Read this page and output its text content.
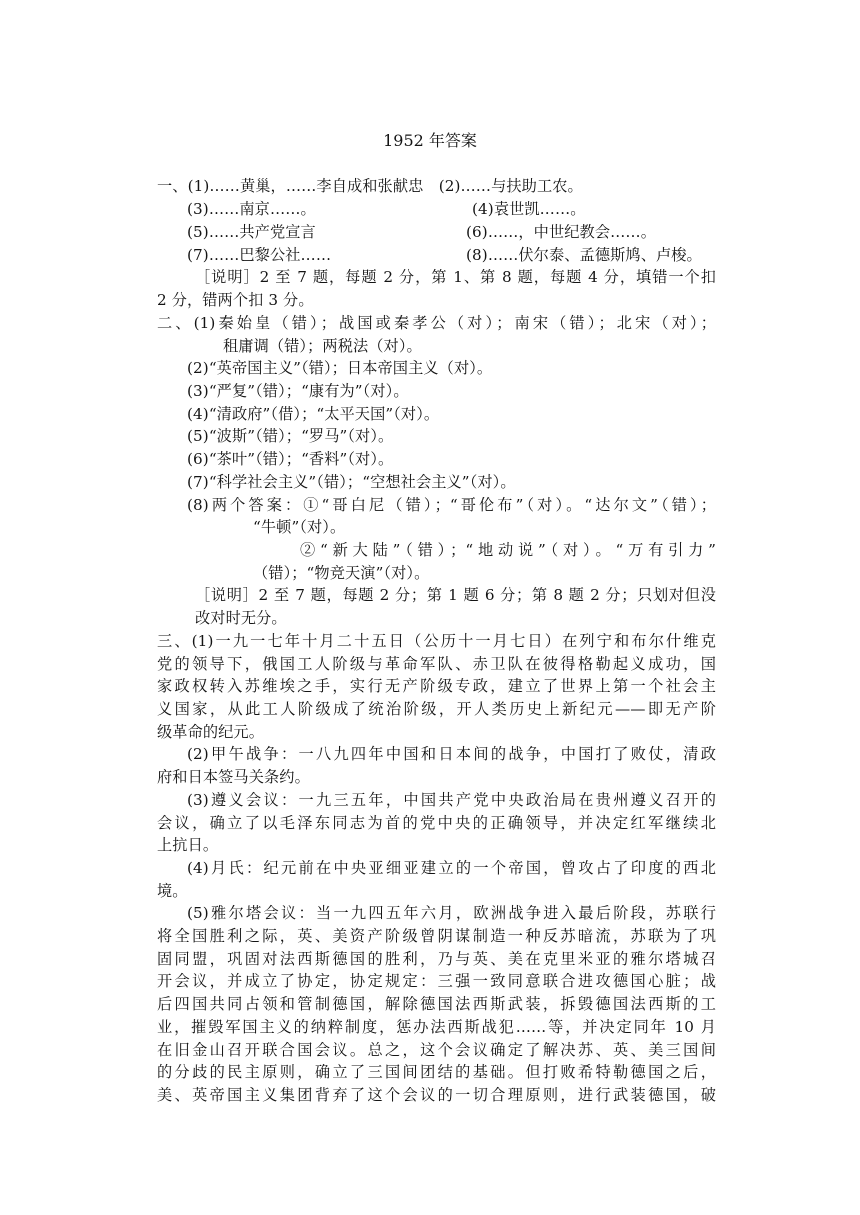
1952 年答案
一、(1)……黄巢，……李自成和张献忠　(2)……与扶助工农。
(3)……南京……。	(4)袁世凯……。
(5)……共产党宣言	(6)……，中世纪教会……。
(7)……巴黎公社……	(8)……伏尔泰、孟德斯鸠、卢梭。
［说明］2 至 7 题，每题 2 分，第 1、第 8 题，每题 4 分，填错一个扣
2 分，错两个扣 3 分。
二、(1)秦始皇（错）；战国或秦孝公（对）；南宋（错）；北宋（对）；
租庸调（错）；两税法（对）。
(2)“英帝国主义”（错）；日本帝国主义（对）。
(3)“严复”（错）；“康有为”（对）。
(4)“清政府”（借）；“太平天国”（对）。
(5)“波斯”（错）；“罗马”（对）。
(6)“茶叶”（错）；“香料”（对）。
(7)“科学社会主义”（错）；“空想社会主义”（对）。
(8)两个答案：①“哥白尼（错）；“哥伦布”（对）。“达尔文”（错）；
“牛顿”（对）。
②“新大陆”（错）；“地动说”（对）。“万有引力”
（错）；“物竞天演”（对）。
［说明］2 至 7 题，每题 2 分；第 1 题 6 分；第 8 题 2 分；只划对但没
改对时无分。
三、(1)一九一七年十月二十五日（公历十一月七日）在列宁和布尔什维克
党的领导下，俄国工人阶级与革命军队、赤卫队在彼得格勒起义成功，国
家政权转入苏维埃之手，实行无产阶级专政，建立了世界上第一个社会主
义国家，从此工人阶级成了统治阶级，开人类历史上新纪元——即无产阶
级革命的纪元。
(2)甲午战争：一八九四年中国和日本间的战争，中国打了败仗，清政
府和日本签马关条约。
(3)遵义会议：一九三五年，中国共产党中央政治局在贵州遵义召开的
会议，确立了以毛泽东同志为首的党中央的正确领导，并决定红军继续北
上抗日。
(4)月氏：纪元前在中央亚细亚建立的一个帝国，曾攻占了印度的西北
境。
(5)雅尔塔会议：当一九四五年六月，欧洲战争进入最后阶段，苏联行
将全国胜利之际，英、美资产阶级曾阴谋制造一种反苏暗流，苏联为了巩
固同盟，巩固对法西斯德国的胜利，乃与英、美在克里米亚的雅尔塔城召
开会议，并成立了协定，协定规定：三强一致同意联合进攻德国心脏；战
后四国共同占领和管制德国，解除德国法西斯武装，拆毁德国法西斯的工
业，摧毁军国主义的纳粹制度，惩办法西斯战犯……等，并决定同年 10 月
在旧金山召开联合国会议。总之，这个会议确定了解决苏、英、美三国间
的分歧的民主原则，确立了三国间团结的基础。但打败希特勒德国之后，
美、英帝国主义集团背弃了这个会议的一切合理原则，进行武装德国，破
